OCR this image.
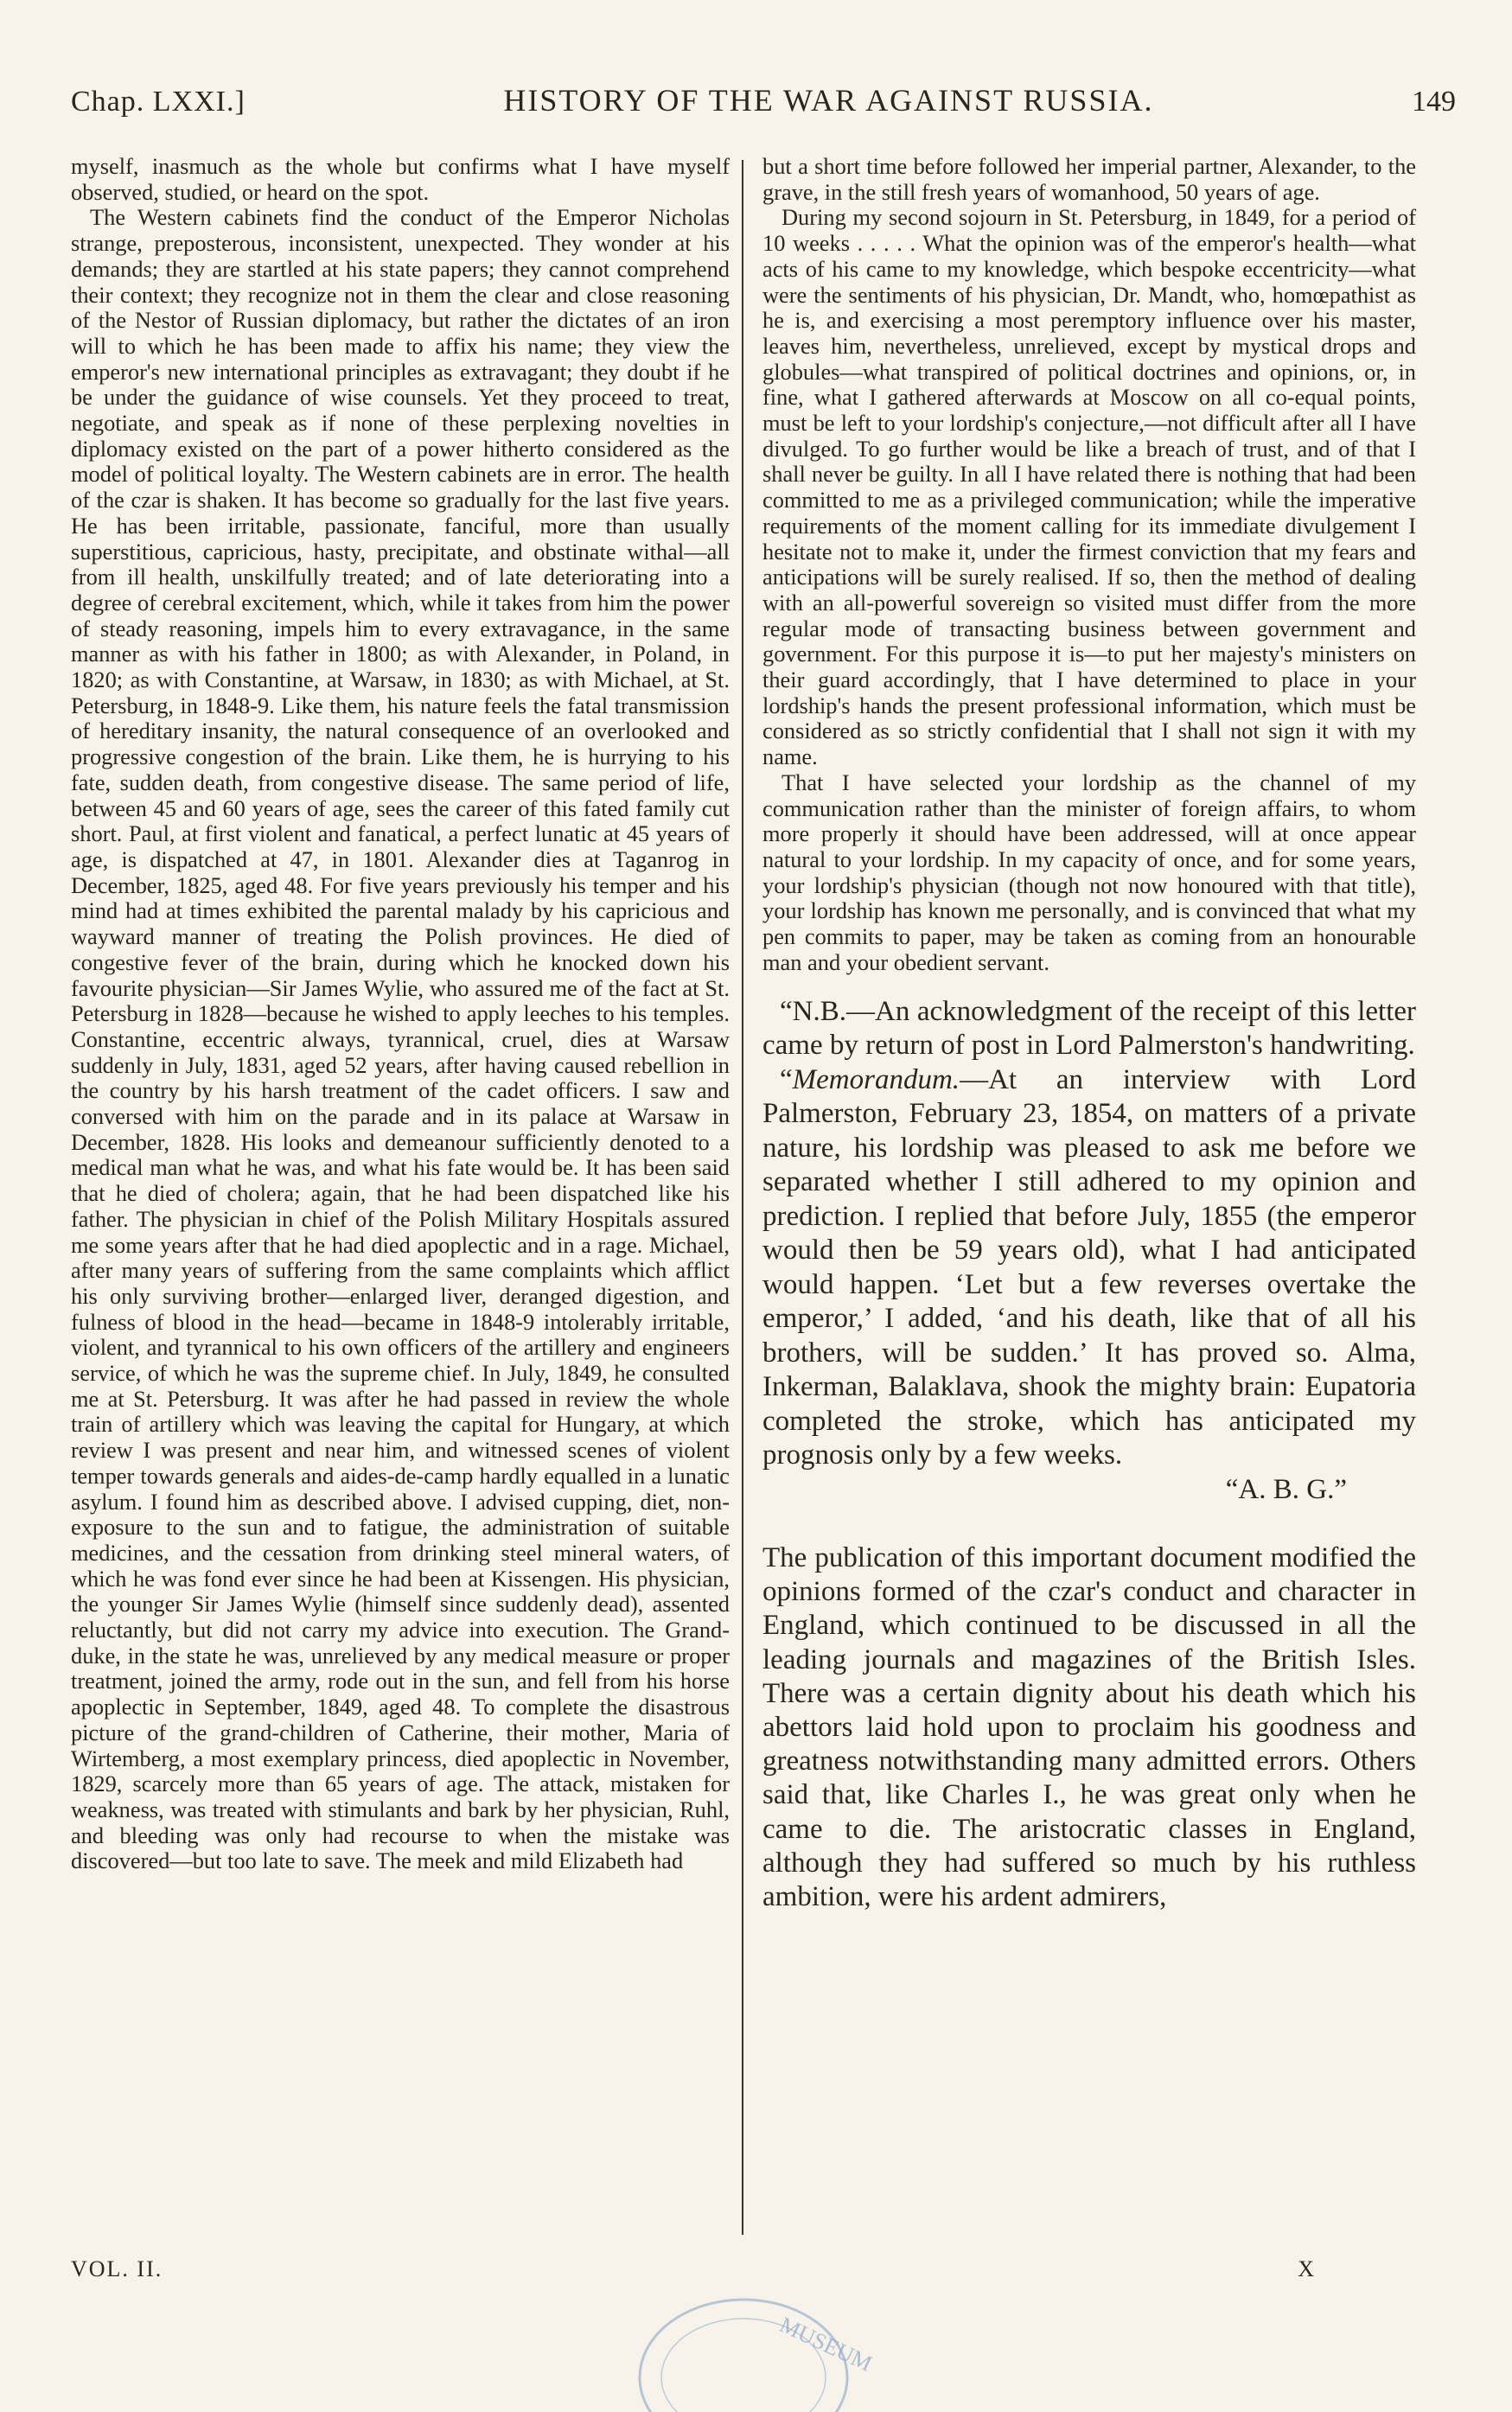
Chap. LXXI.]	HISTORY OF THE WAR AGAINST RUSSIA.	149

myself, inasmuch as the whole but confirms what I have myself observed, studied, or heard on the spot.

The Western cabinets find the conduct of the Emperor Nicholas strange, preposterous, inconsistent, unexpected. They wonder at his demands; they are startled at his state papers; they cannot comprehend their context; they recognize not in them the clear and close reasoning of the Nestor of Russian diplomacy, but rather the dictates of an iron will to which he has been made to affix his name; they view the emperor's new international principles as extravagant; they doubt if he be under the guidance of wise counsels. Yet they proceed to treat, negotiate, and speak as if none of these perplexing novelties in diplomacy existed on the part of a power hitherto considered as the model of political loyalty. The Western cabinets are in error. The health of the czar is shaken. It has become so gradually for the last five years. He has been irritable, passionate, fanciful, more than usually superstitious, capricious, hasty, precipitate, and obstinate withal—all from ill health, unskilfully treated; and of late deteriorating into a degree of cerebral excitement, which, while it takes from him the power of steady reasoning, impels him to every extravagance, in the same manner as with his father in 1800; as with Alexander, in Poland, in 1820; as with Constantine, at Warsaw, in 1830; as with Michael, at St. Petersburg, in 1848-9. Like them, his nature feels the fatal transmission of hereditary insanity, the natural consequence of an overlooked and progressive congestion of the brain. Like them, he is hurrying to his fate, sudden death, from congestive disease. The same period of life, between 45 and 60 years of age, sees the career of this fated family cut short. Paul, at first violent and fanatical, a perfect lunatic at 45 years of age, is dispatched at 47, in 1801. Alexander dies at Taganrog in December, 1825, aged 48. For five years previously his temper and his mind had at times exhibited the parental malady by his capricious and wayward manner of treating the Polish provinces. He died of congestive fever of the brain, during which he knocked down his favourite physician—Sir James Wylie, who assured me of the fact at St. Petersburg in 1828—because he wished to apply leeches to his temples. Constantine, eccentric always, tyrannical, cruel, dies at Warsaw suddenly in July, 1831, aged 52 years, after having caused rebellion in the country by his harsh treatment of the cadet officers. I saw and conversed with him on the parade and in its palace at Warsaw in December, 1828. His looks and demeanour sufficiently denoted to a medical man what he was, and what his fate would be. It has been said that he died of cholera; again, that he had been dispatched like his father. The physician in chief of the Polish Military Hospitals assured me some years after that he had died apoplectic and in a rage. Michael, after many years of suffering from the same complaints which afflict his only surviving brother—enlarged liver, deranged digestion, and fulness of blood in the head—became in 1848-9 intolerably irritable, violent, and tyrannical to his own officers of the artillery and engineers service, of which he was the supreme chief. In July, 1849, he consulted me at St. Petersburg. It was after he had passed in review the whole train of artillery which was leaving the capital for Hungary, at which review I was present and near him, and witnessed scenes of violent temper towards generals and aides-de-camp hardly equalled in a lunatic asylum. I found him as described above. I advised cupping, diet, non-exposure to the sun and to fatigue, the administration of suitable medicines, and the cessation from drinking steel mineral waters, of which he was fond ever since he had been at Kissengen. His physician, the younger Sir James Wylie (himself since suddenly dead), assented reluctantly, but did not carry my advice into execution. The Grand-duke, in the state he was, unrelieved by any medical measure or proper treatment, joined the army, rode out in the sun, and fell from his horse apoplectic in September, 1849, aged 48. To complete the disastrous picture of the grand-children of Catherine, their mother, Maria of Wirtemberg, a most exemplary princess, died apoplectic in November, 1829, scarcely more than 65 years of age. The attack, mistaken for weakness, was treated with stimulants and bark by her physician, Ruhl, and bleeding was only had recourse to when the mistake was discovered—but too late to save. The meek and mild Elizabeth had

but a short time before followed her imperial partner, Alexander, to the grave, in the still fresh years of womanhood, 50 years of age.

During my second sojourn in St. Petersburg, in 1849, for a period of 10 weeks . . . . . What the opinion was of the emperor's health—what acts of his came to my knowledge, which bespoke eccentricity—what were the sentiments of his physician, Dr. Mandt, who, homœpathist as he is, and exercising a most peremptory influence over his master, leaves him, nevertheless, unrelieved, except by mystical drops and globules—what transpired of political doctrines and opinions, or, in fine, what I gathered afterwards at Moscow on all co-equal points, must be left to your lordship's conjecture,—not difficult after all I have divulged. To go further would be like a breach of trust, and of that I shall never be guilty. In all I have related there is nothing that had been committed to me as a privileged communication; while the imperative requirements of the moment calling for its immediate divulgement I hesitate not to make it, under the firmest conviction that my fears and anticipations will be surely realised. If so, then the method of dealing with an all-powerful sovereign so visited must differ from the more regular mode of transacting business between government and government. For this purpose it is—to put her majesty's ministers on their guard accordingly, that I have determined to place in your lordship's hands the present professional information, which must be considered as so strictly confidential that I shall not sign it with my name.

That I have selected your lordship as the channel of my communication rather than the minister of foreign affairs, to whom more properly it should have been addressed, will at once appear natural to your lordship. In my capacity of once, and for some years, your lordship's physician (though not now honoured with that title), your lordship has known me personally, and is convinced that what my pen commits to paper, may be taken as coming from an honourable man and your obedient servant.

“N.B.—An acknowledgment of the receipt of this letter came by return of post in Lord Palmerston's handwriting.

“Memorandum.—At an interview with Lord Palmerston, February 23, 1854, on matters of a private nature, his lordship was pleased to ask me before we separated whether I still adhered to my opinion and prediction. I replied that before July, 1855 (the emperor would then be 59 years old), what I had anticipated would happen. ‘Let but a few reverses overtake the emperor,’ I added, ‘and his death, like that of all his brothers, will be sudden.’ It has proved so. Alma, Inkerman, Balaklava, shook the mighty brain: Eupatoria completed the stroke, which has anticipated my prognosis only by a few weeks.

“A. B. G.”

The publication of this important document modified the opinions formed of the czar's conduct and character in England, which continued to be discussed in all the leading journals and magazines of the British Isles. There was a certain dignity about his death which his abettors laid hold upon to proclaim his goodness and greatness notwithstanding many admitted errors. Others said that, like Charles I., he was great only when he came to die. The aristocratic classes in England, although they had suffered so much by his ruthless ambition, were his ardent admirers,

VOL. II.	X
MUSEUM
